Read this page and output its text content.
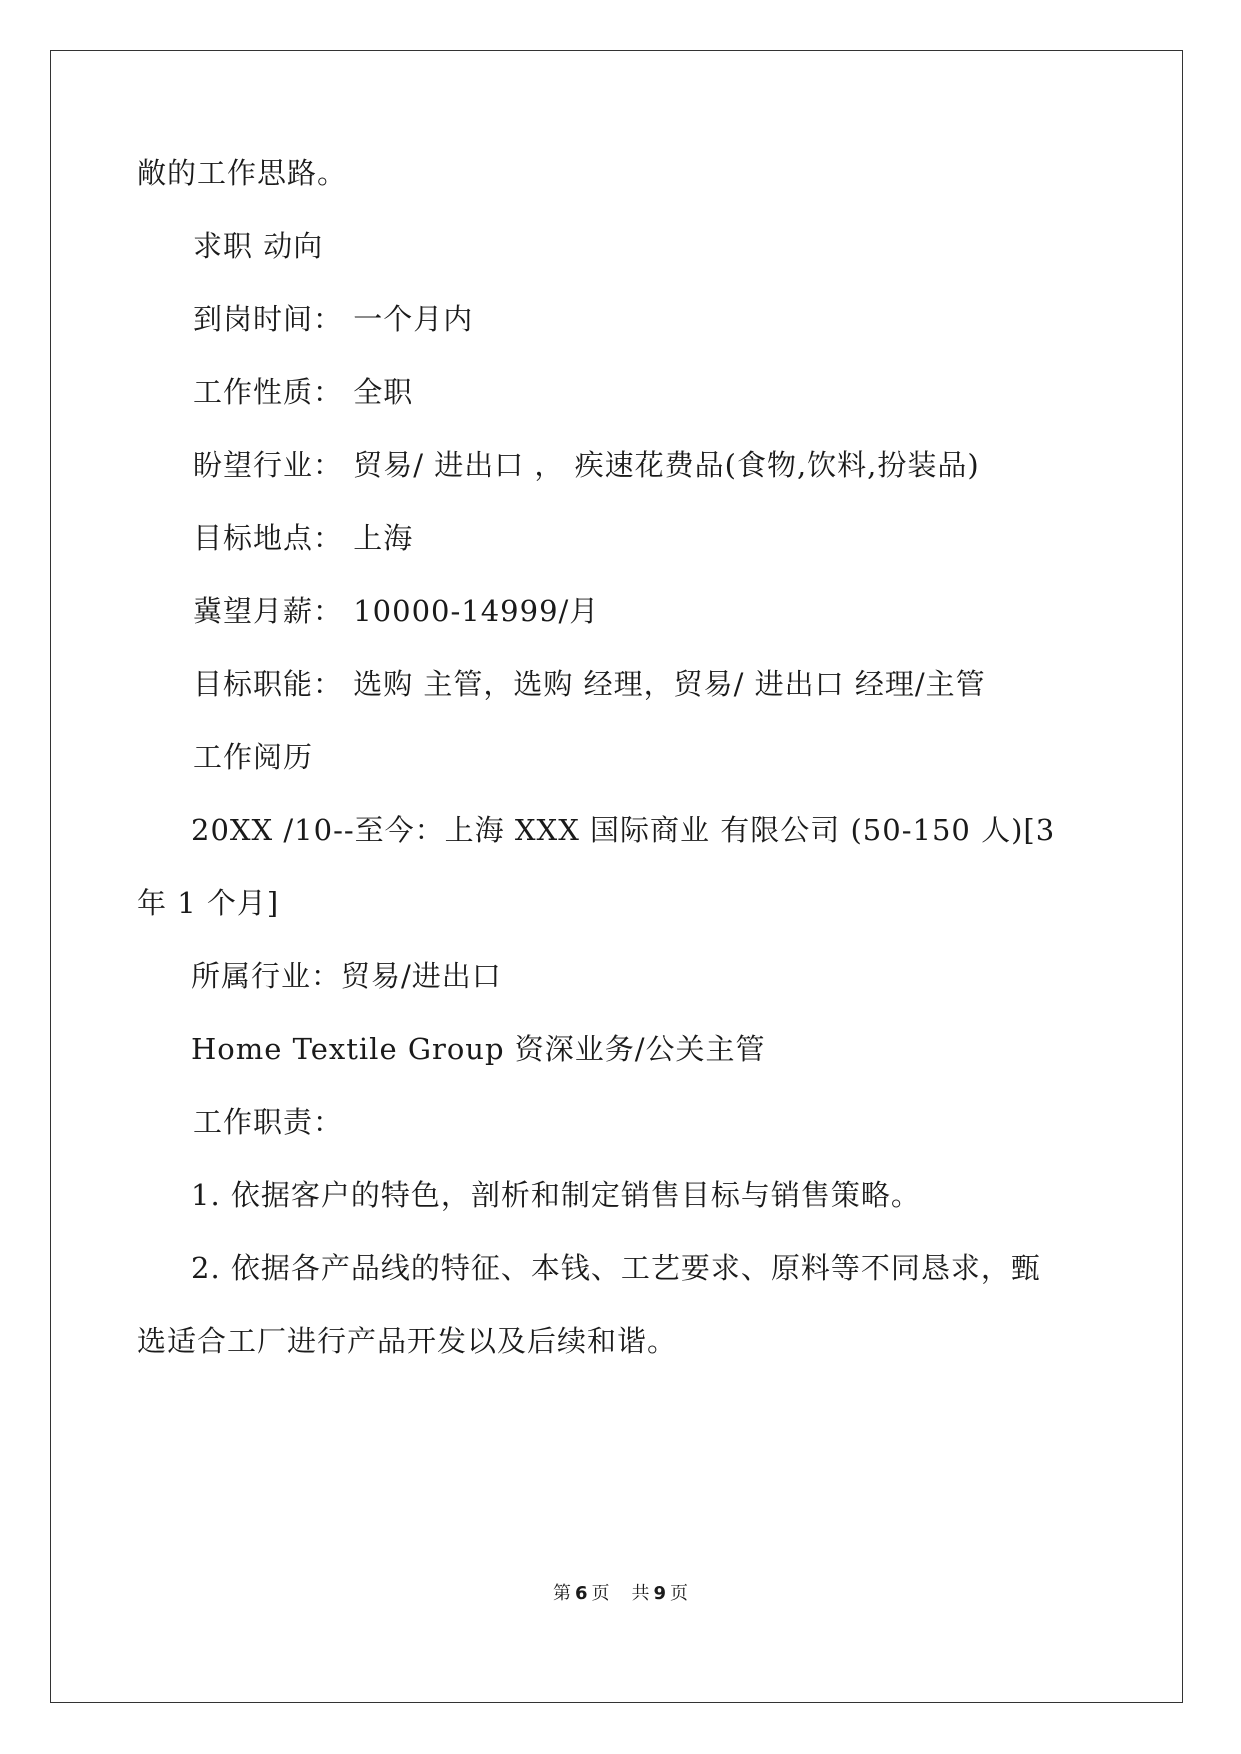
敞的工作思路。
求职 动向
到岗时间： 一个月内
工作性质： 全职
盼望行业： 贸易/ 进出口 ， 疾速花费品(食物,饮料,扮装品)
目标地点： 上海
冀望月薪： 10000-14999/月
目标职能： 选购 主管，选购 经理，贸易/ 进出口 经理/主管
工作阅历
20XX /10--至今：上海 XXX 国际商业 有限公司 (50-150 人)[3
年 1 个月]
所属行业：贸易/进出口
Home Textile Group 资深业务/公关主管
工作职责：
1. 依据客户的特色，剖析和制定销售目标与销售策略。
2. 依据各产品线的特征、本钱、工艺要求、原料等不同恳求，甄
选适合工厂进行产品开发以及后续和谐。
第 6 页 共 9 页
